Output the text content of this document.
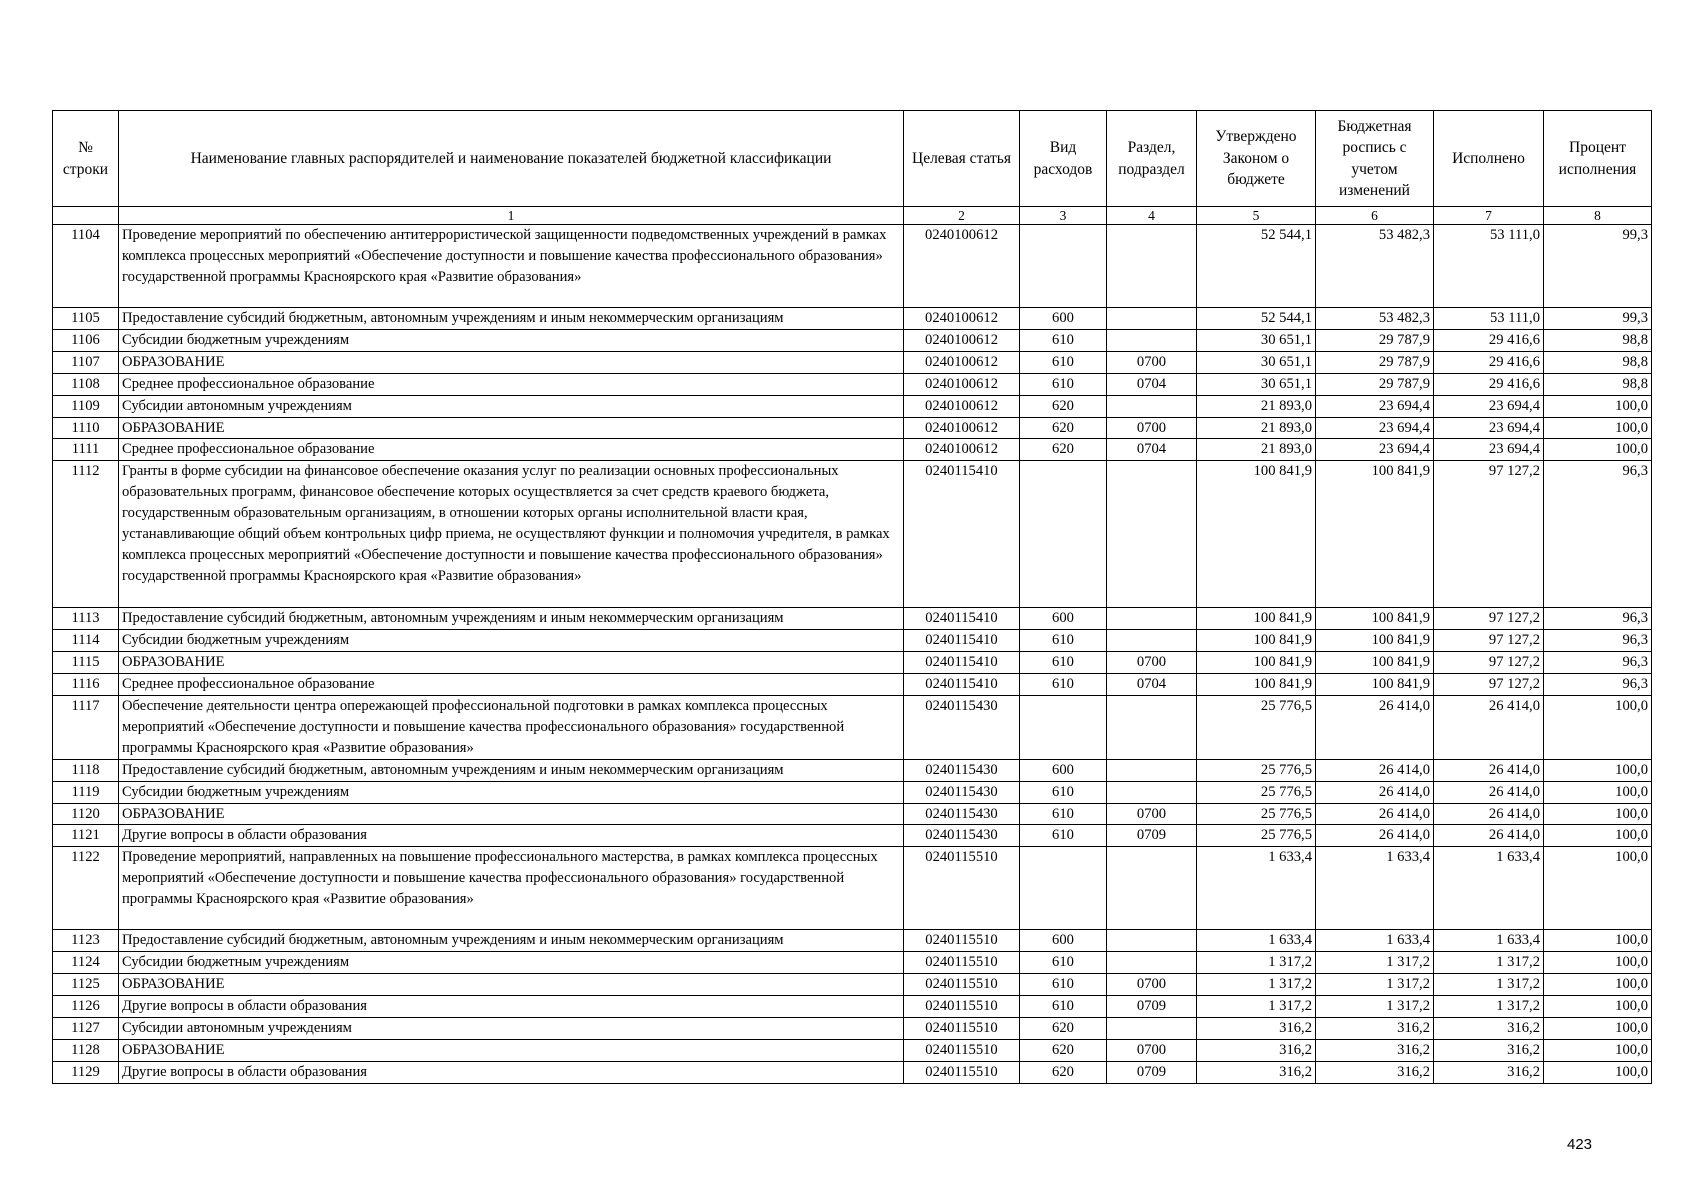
№ строки	Наименование главных распорядителей и наименование показателей бюджетной классификации	Целевая статья	Вид расходов	Раздел, подраздел	Утверждено Законом о бюджете	Бюджетная роспись с учетом изменений	Исполнено	Процент исполнения
	1	2	3	4	5	6	7	8
1104	Проведение мероприятий по обеспечению антитеррористической защищенности подведомственных учреждений в рамках комплекса процессных мероприятий «Обеспечение доступности и повышение качества профессионального образования» государственной программы Красноярского края «Развитие образования»	0240100612			52 544,1	53 482,3	53 111,0	99,3
1105	Предоставление субсидий бюджетным, автономным учреждениям и иным некоммерческим организациям	0240100612	600		52 544,1	53 482,3	53 111,0	99,3
1106	Субсидии бюджетным учреждениям	0240100612	610		30 651,1	29 787,9	29 416,6	98,8
1107	ОБРАЗОВАНИЕ	0240100612	610	0700	30 651,1	29 787,9	29 416,6	98,8
1108	Среднее профессиональное образование	0240100612	610	0704	30 651,1	29 787,9	29 416,6	98,8
1109	Субсидии автономным учреждениям	0240100612	620		21 893,0	23 694,4	23 694,4	100,0
1110	ОБРАЗОВАНИЕ	0240100612	620	0700	21 893,0	23 694,4	23 694,4	100,0
1111	Среднее профессиональное образование	0240100612	620	0704	21 893,0	23 694,4	23 694,4	100,0
1112	Гранты в форме субсидии на финансовое обеспечение оказания услуг по реализации основных профессиональных образовательных программ, финансовое обеспечение которых осуществляется за счет средств краевого бюджета, государственным образовательным организациям, в отношении которых органы исполнительной власти края, устанавливающие общий объем контрольных цифр приема, не осуществляют функции и полномочия учредителя, в рамках комплекса процессных мероприятий «Обеспечение доступности и повышение качества профессионального образования» государственной программы Красноярского края «Развитие образования»	0240115410			100 841,9	100 841,9	97 127,2	96,3
1113	Предоставление субсидий бюджетным, автономным учреждениям и иным некоммерческим организациям	0240115410	600		100 841,9	100 841,9	97 127,2	96,3
1114	Субсидии бюджетным учреждениям	0240115410	610		100 841,9	100 841,9	97 127,2	96,3
1115	ОБРАЗОВАНИЕ	0240115410	610	0700	100 841,9	100 841,9	97 127,2	96,3
1116	Среднее профессиональное образование	0240115410	610	0704	100 841,9	100 841,9	97 127,2	96,3
1117	Обеспечение деятельности центра опережающей профессиональной подготовки в рамках комплекса процессных мероприятий «Обеспечение доступности и повышение качества профессионального образования» государственной программы Красноярского края «Развитие образования»	0240115430			25 776,5	26 414,0	26 414,0	100,0
1118	Предоставление субсидий бюджетным, автономным учреждениям и иным некоммерческим организациям	0240115430	600		25 776,5	26 414,0	26 414,0	100,0
1119	Субсидии бюджетным учреждениям	0240115430	610		25 776,5	26 414,0	26 414,0	100,0
1120	ОБРАЗОВАНИЕ	0240115430	610	0700	25 776,5	26 414,0	26 414,0	100,0
1121	Другие вопросы в области образования	0240115430	610	0709	25 776,5	26 414,0	26 414,0	100,0
1122	Проведение мероприятий, направленных на повышение профессионального мастерства, в рамках комплекса процессных мероприятий «Обеспечение доступности и повышение качества профессионального образования» государственной программы Красноярского края «Развитие образования»	0240115510			1 633,4	1 633,4	1 633,4	100,0
1123	Предоставление субсидий бюджетным, автономным учреждениям и иным некоммерческим организациям	0240115510	600		1 633,4	1 633,4	1 633,4	100,0
1124	Субсидии бюджетным учреждениям	0240115510	610		1 317,2	1 317,2	1 317,2	100,0
1125	ОБРАЗОВАНИЕ	0240115510	610	0700	1 317,2	1 317,2	1 317,2	100,0
1126	Другие вопросы в области образования	0240115510	610	0709	1 317,2	1 317,2	1 317,2	100,0
1127	Субсидии автономным учреждениям	0240115510	620		316,2	316,2	316,2	100,0
1128	ОБРАЗОВАНИЕ	0240115510	620	0700	316,2	316,2	316,2	100,0
1129	Другие вопросы в области образования	0240115510	620	0709	316,2	316,2	316,2	100,0
423
